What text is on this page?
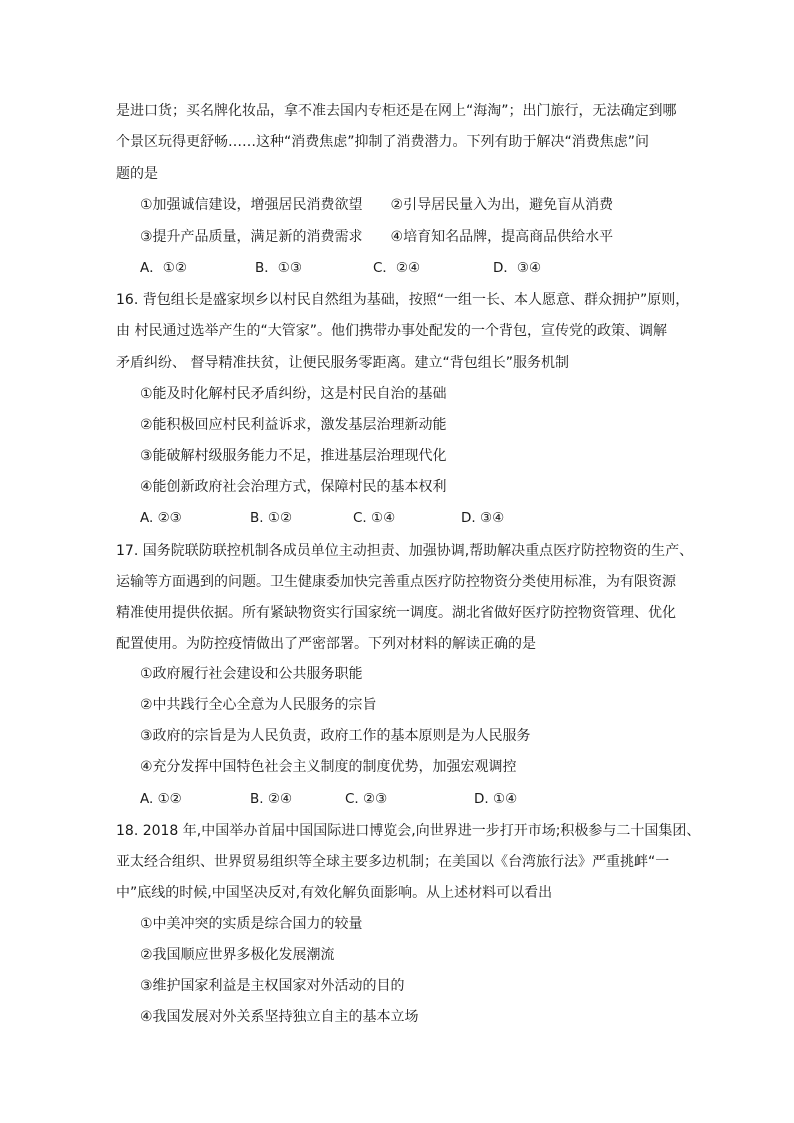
是进口货；买名牌化妆品，拿不准去国内专柜还是在网上“海淘”；出门旅行，无法确定到哪
个景区玩得更舒畅……这种“消费焦虑”抑制了消费潜力。下列有助于解决“消费焦虑”问
题的是
①加强诚信建设，增强居民消费欲望　　②引导居民量入为出，避免盲从消费
③提升产品质量，满足新的消费需求　　④培育知名品牌，提高商品供给水平
A．①②	B．①③	C．②④	D．③④
16. 背包组长是盛家坝乡以村民自然组为基础，按照“一组一长、本人愿意、群众拥护”原则，
由 村民通过选举产生的“大管家”。他们携带办事处配发的一个背包，宣传党的政策、调解
矛盾纠纷、 督导精准扶贫，让便民服务零距离。建立“背包组长”服务机制
①能及时化解村民矛盾纠纷，这是村民自治的基础
②能积极回应村民利益诉求，激发基层治理新动能
③能破解村级服务能力不足，推进基层治理现代化
④能创新政府社会治理方式，保障村民的基本权利
A. ②③	B. ①②	C. ①④	D. ③④
17. 国务院联防联控机制各成员单位主动担责、加强协调,帮助解决重点医疗防控物资的生产、
运输等方面遇到的问题。卫生健康委加快完善重点医疗防控物资分类使用标准，为有限资源
精准使用提供依据。所有紧缺物资实行国家统一调度。湖北省做好医疗防控物资管理、优化
配置使用。为防控疫情做出了严密部署。下列对材料的解读正确的是
①政府履行社会建设和公共服务职能
②中共践行全心全意为人民服务的宗旨
③政府的宗旨是为人民负责，政府工作的基本原则是为人民服务
④充分发挥中国特色社会主义制度的制度优势，加强宏观调控
A. ①②	B. ②④	C. ②③	D. ①④
18. 2018 年,中国举办首届中国国际进口博览会,向世界进一步打开市场;积极参与二十国集团、
亚太经合组织、世界贸易组织等全球主要多边机制；在美国以《台湾旅行法》严重挑衅“一
中”底线的时候,中国坚决反对,有效化解负面影响。从上述材料可以看出
①中美冲突的实质是综合国力的较量
②我国顺应世界多极化发展潮流
③维护国家利益是主权国家对外活动的目的
④我国发展对外关系坚持独立自主的基本立场
